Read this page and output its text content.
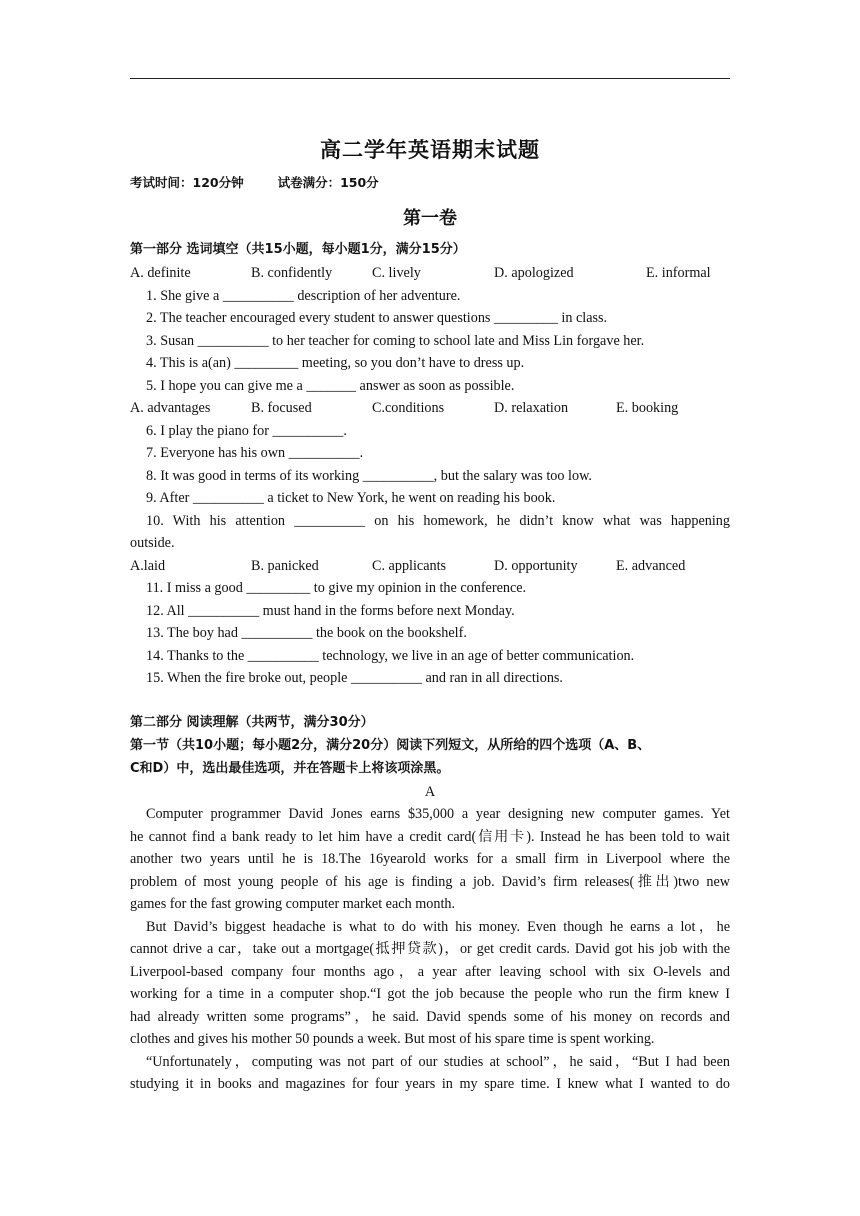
高二学年英语期末试题
考试时间：120分钟	试卷满分：150分
第一卷
第一部分 选词填空（共15小题，每小题1分，满分15分）
A. definite	B. confidently	C. lively	D. apologized	E. informal
1. She give a __________ description of her adventure.
2. The teacher encouraged every student to answer questions _________ in class.
3. Susan __________ to her teacher for coming to school late and Miss Lin forgave her.
4. This is a(an) _________ meeting, so you don’t have to dress up.
5. I hope you can give me a _______ answer as soon as possible.
A. advantages	B. focused	C.conditions	D. relaxation	E. booking
6. I play the piano for __________.
7. Everyone has his own __________.
8. It was good in terms of its working __________, but the salary was too low.
9. After __________ a ticket to New York, he went on reading his book.
10. With his attention __________ on his homework, he didn’t know what was happening
outside.
A.laid	B. panicked	C. applicants	D. opportunity	E. advanced
11. I miss a good _________ to give my opinion in the conference.
12. All __________ must hand in the forms before next Monday.
13. The boy had __________ the book on the bookshelf.
14. Thanks to the __________ technology, we live in an age of better communication.
15. When the fire broke out, people __________ and ran in all directions.
第二部分 阅读理解（共两节，满分30分）
第一节（共10小题；每小题2分，满分20分）阅读下列短文，从所给的四个选项（A、B、
C和D）中，选出最佳选项，并在答题卡上将该项涂黑。
A
Computer programmer David Jones earns $35,000 a year designing new computer games. Yet
he cannot find a bank ready to let him have a credit card(信用卡). Instead he has been told to wait
another two years until he is 18.The 16yearold works for a small firm in Liverpool where the
problem of most young people of his age is finding a job. David’s firm releases(推出)two new
games for the fast growing computer market each month.
But David’s biggest headache is what to do with his money. Even though he earns a lot，he
cannot drive a car，take out a mortgage(抵押贷款)，or get credit cards. David got his job with the
Liverpool-based company four months ago，a year after leaving school with six O-levels and
working for a time in a computer shop.“I got the job because the people who run the firm knew I
had already written some programs”，he said. David spends some of his money on records and
clothes and gives his mother 50 pounds a week. But most of his spare time is spent working.
“Unfortunately，computing was not part of our studies at school”，he said，“But I had been
studying it in books and magazines for four years in my spare time. I knew what I wanted to do
